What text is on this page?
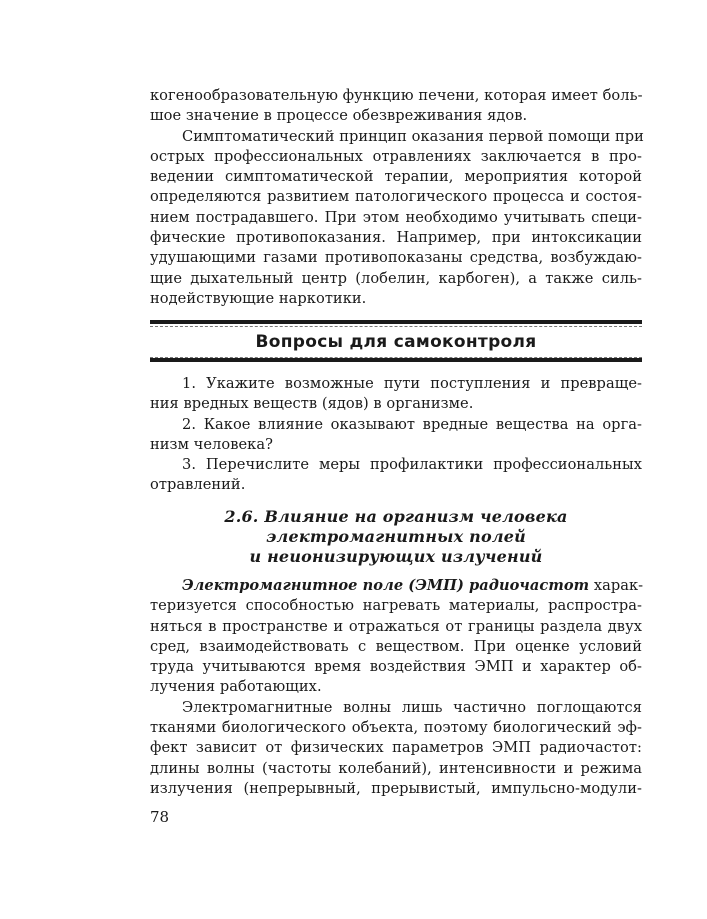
когенообразовательную функцию печени, которая имеет боль-
шое значение в процессе обезвреживания ядов.

Симптоматический принцип оказания первой помощи при
острых профессиональных отравлениях заключается в про-
ведении симптоматической терапии, мероприятия которой
определяются развитием патологического процесса и состоя-
нием пострадавшего. При этом необходимо учитывать специ-
фические противопоказания. Например, при интоксикации
удушающими газами противопоказаны средства, возбуждаю-
щие дыхательный центр (лобелин, карбоген), а также силь-
нодействующие наркотики.

Вопросы для самоконтроля

1. Укажите возможные пути поступления и превраще-
ния вредных веществ (ядов) в организме.

2. Какое влияние оказывают вредные вещества на орга-
низм человека?

3. Перечислите меры профилактики профессиональных
отравлений.

2.6. Влияние на организм человека
электромагнитных полей
и неионизирующих излучений

Электромагнитное поле (ЭМП) радиочастот харак-
теризуется способностью нагревать материалы, распростра-
няться в пространстве и отражаться от границы раздела двух
сред, взаимодействовать с веществом. При оценке условий
труда учитываются время воздействия ЭМП и характер об-
лучения работающих.

Электромагнитные волны лишь частично поглощаются
тканями биологического объекта, поэтому биологический эф-
фект зависит от физических параметров ЭМП радиочастот:
длины волны (частоты колебаний), интенсивности и режима
излучения (непрерывный, прерывистый, импульсно-модули-

78
